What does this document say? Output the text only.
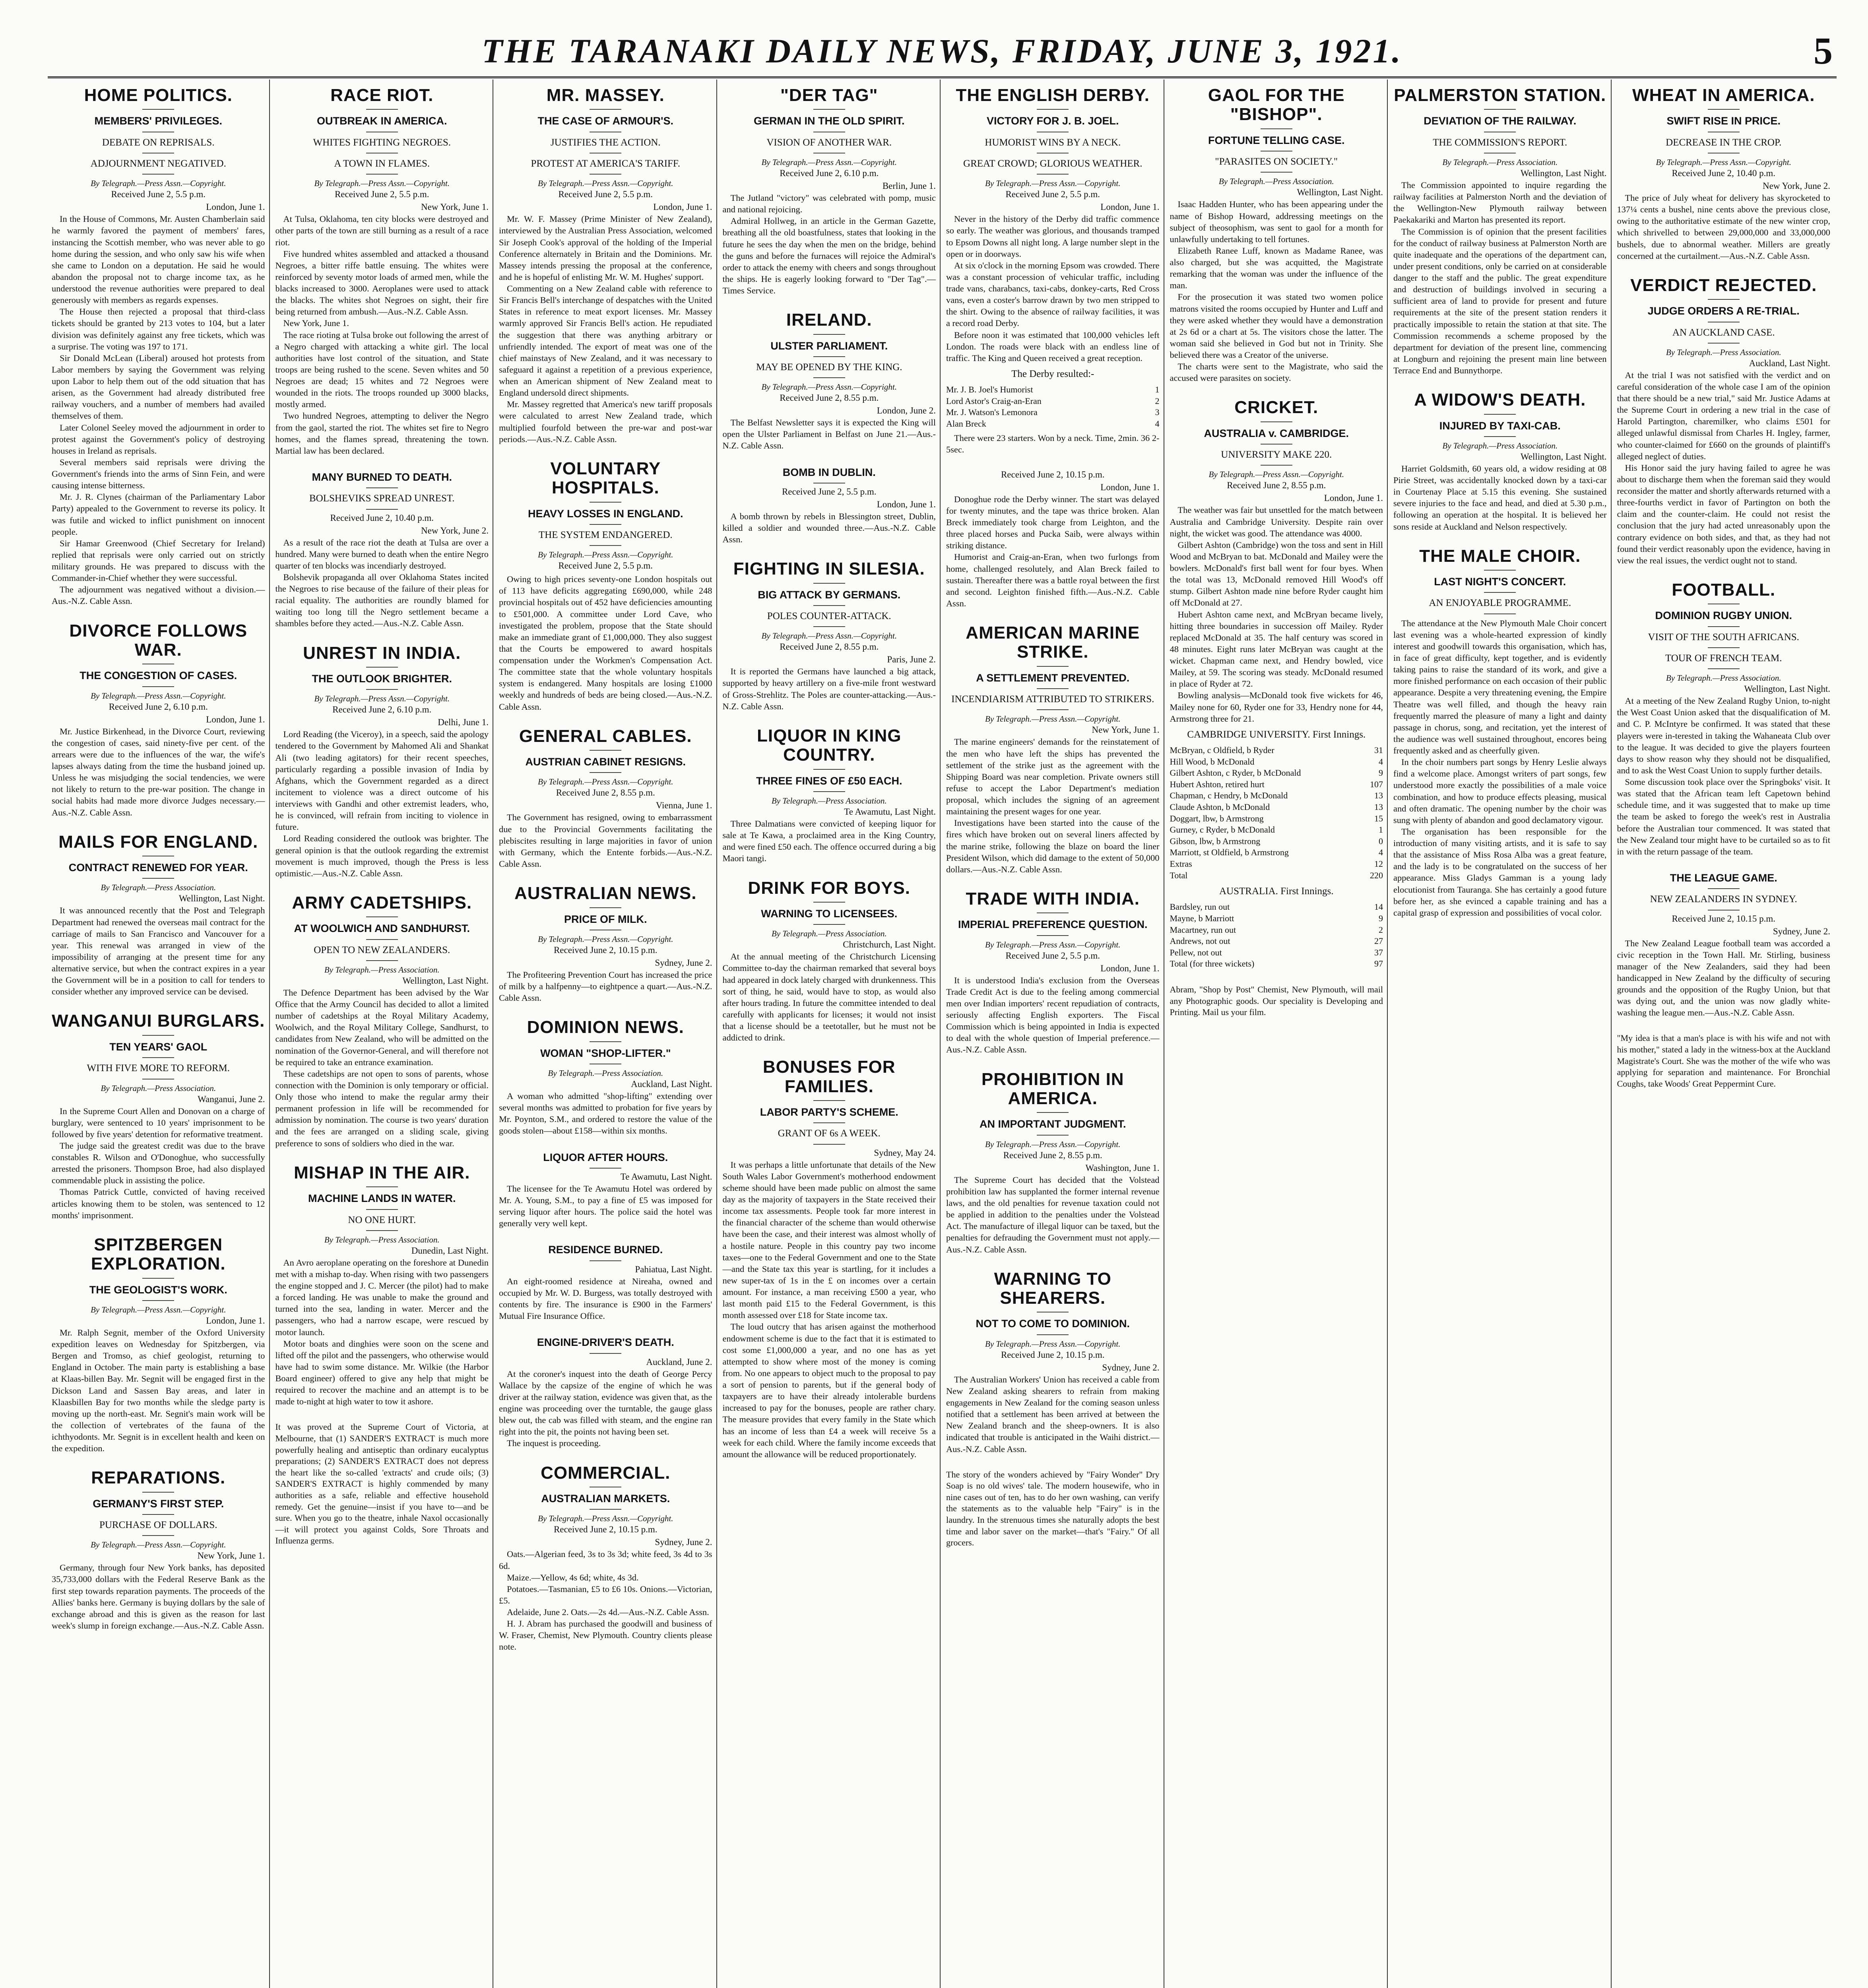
THE TARANAKI DAILY NEWS, FRIDAY, JUNE 3, 1921.	5
HOME POLITICS.
MEMBERS' PRIVILEGES.
DEBATE ON REPRISALS.
ADJOURNMENT NEGATIVED.
By Telegraph.—Press Assn.—Copyright.
Received June 2, 5.5 p.m.
London, June 1.

In the House of Commons, Mr. Austen Chamberlain said he warmly favored the payment of members' fares, instancing the Scottish member, who was never able to go home during the session, and who only saw his wife when she came to London on a deputation. He said he would abandon the proposal not to charge income tax, as he understood the revenue authorities were prepared to deal generously with members as regards expenses.

The House then rejected a proposal that third-class tickets should be granted by 213 votes to 104, but a later division was definitely against any free tickets, which was a surprise. The voting was 197 to 171.

Sir Donald McLean (Liberal) aroused hot protests from Labor members by saying the Government was relying upon Labor to help them out of the odd situation that has arisen, as the Government had already distributed free railway vouchers, and a number of members had availed themselves of them.

Later Colonel Seeley moved the adjournment in order to protest against the Government's policy of destroying houses in Ireland as reprisals.

Several members said reprisals were driving the Government's friends into the arms of Sinn Fein, and were causing intense bitterness.

Mr. J. R. Clynes (chairman of the Parliamentary Labor Party) appealed to the Government to reverse its policy. It was futile and wicked to inflict punishment on innocent people.

Sir Hamar Greenwood (Chief Secretary for Ireland) replied that reprisals were only carried out on strictly military grounds. He was prepared to discuss with the Commander-in-Chief whether they were successful.

The adjournment was negatived without a division.—Aus.-N.Z. Cable Assn.

DIVORCE FOLLOWS WAR.
THE CONGESTION OF CASES.
By Telegraph.—Press Assn.—Copyright.
Received June 2, 6.10 p.m.
London, June 1.

Mr. Justice Birkenhead, in the Divorce Court, reviewing the congestion of cases, said ninety-five per cent. of the arrears were due to the influences of the war, the wife's lapses always dating from the time the husband joined up. Unless he was misjudging the social tendencies, we were not likely to return to the pre-war position. The change in social habits had made more divorce Judges necessary.—Aus.-N.Z. Cable Assn.

MAILS FOR ENGLAND.
CONTRACT RENEWED FOR YEAR.
By Telegraph.—Press Association.
Wellington, Last Night.

It was announced recently that the Post and Telegraph Department had renewed the overseas mail contract for the carriage of mails to San Francisco and Vancouver for a year. This renewal was arranged in view of the impossibility of arranging at the present time for any alternative service, but when the contract expires in a year the Government will be in a position to call for tenders to consider whether any improved service can be devised.

WANGANUI BURGLARS.
TEN YEARS' GAOL
WITH FIVE MORE TO REFORM.
By Telegraph.—Press Association.
Wanganui, June 2.

In the Supreme Court Allen and Donovan on a charge of burglary, were sentenced to 10 years' imprisonment to be followed by five years' detention for reformative treatment.

The judge said the greatest credit was due to the brave constables R. Wilson and O'Donoghue, who successfully arrested the prisoners. Thompson Broe, had also displayed commendable pluck in assisting the police.

Thomas Patrick Cuttle, convicted of having received articles knowing them to be stolen, was sentenced to 12 months' imprisonment.

SPITZBERGEN EXPLORATION.
THE GEOLOGIST'S WORK.
By Telegraph.—Press Assn.—Copyright.
London, June 1.

Mr. Ralph Segnit, member of the Oxford University expedition leaves on Wednesday for Spitzbergen, via Bergen and Tromso, as chief geologist, returning to England in October. The main party is establishing a base at Klaas-billen Bay. Mr. Segnit will be engaged first in the Dickson Land and Sassen Bay areas, and later in Klaasbillen Bay for two months while the sledge party is moving up the north-east. Mr. Segnit's main work will be the collection of vertebrates of the fauna of the ichthyodonts. Mr. Segnit is in excellent health and keen on the expedition.

REPARATIONS.
GERMANY'S FIRST STEP.
PURCHASE OF DOLLARS.
By Telegraph.—Press Assn.—Copyright.
New York, June 1.

Germany, through four New York banks, has deposited 35,733,000 dollars with the Federal Reserve Bank as the first step towards reparation payments. The proceeds of the Allies' banks here. Germany is buying dollars by the sale of exchange abroad and this is given as the reason for last week's slump in foreign exchange.—Aus.-N.Z. Cable Assn.

RACE RIOT.
OUTBREAK IN AMERICA.
WHITES FIGHTING NEGROES.
A TOWN IN FLAMES.
By Telegraph.—Press Assn.—Copyright.
Received June 2, 5.5 p.m.
New York, June 1.

At Tulsa, Oklahoma, ten city blocks were destroyed and other parts of the town are still burning as a result of a race riot.

Five hundred whites assembled and attacked a thousand Negroes, a bitter riffe battle ensuing. The whites were reinforced by seventy motor loads of armed men, while the blacks increased to 3000. Aeroplanes were used to attack the blacks. The whites shot Negroes on sight, their fire being returned from ambush.—Aus.-N.Z. Cable Assn.

New York, June 1.

The race rioting at Tulsa broke out following the arrest of a Negro charged with attacking a white girl. The local authorities have lost control of the situation, and State troops are being rushed to the scene. Seven whites and 50 Negroes are dead; 15 whites and 72 Negroes were wounded in the riots. The troops rounded up 3000 blacks, mostly armed.

Two hundred Negroes, attempting to deliver the Negro from the gaol, started the riot. The whites set fire to Negro homes, and the flames spread, threatening the town. Martial law has been declared.

MANY BURNED TO DEATH.
BOLSHEVIKS SPREAD UNREST.
Received June 2, 10.40 p.m.
New York, June 2.

As a result of the race riot the death at Tulsa are over a hundred. Many were burned to death when the entire Negro quarter of ten blocks was incendiarly destroyed.

Bolshevik propaganda all over Oklahoma States incited the Negroes to rise because of the failure of their pleas for racial equality. The authorities are roundly blamed for waiting too long till the Negro settlement became a shambles before they acted.—Aus.-N.Z. Cable Assn.

UNREST IN INDIA.
THE OUTLOOK BRIGHTER.
By Telegraph.—Press Assn.—Copyright.
Received June 2, 6.10 p.m.
Delhi, June 1.

Lord Reading (the Viceroy), in a speech, said the apology tendered to the Government by Mahomed Ali and Shankat Ali (two leading agitators) for their recent speeches, particularly regarding a possible invasion of India by Afghans, which the Government regarded as a direct incitement to violence was a direct outcome of his interviews with Gandhi and other extremist leaders, who, he is convinced, will refrain from inciting to violence in future.

Lord Reading considered the outlook was brighter. The general opinion is that the outlook regarding the extremist movement is much improved, though the Press is less optimistic.—Aus.-N.Z. Cable Assn.

ARMY CADETSHIPS.
AT WOOLWICH AND SANDHURST.
OPEN TO NEW ZEALANDERS.
By Telegraph.—Press Association.
Wellington, Last Night.

The Defence Department has been advised by the War Office that the Army Council has decided to allot a limited number of cadetships at the Royal Military Academy, Woolwich, and the Royal Military College, Sandhurst, to candidates from New Zealand, who will be admitted on the nomination of the Governor-General, and will therefore not be required to take an entrance examination.

These cadetships are not open to sons of parents, whose connection with the Dominion is only temporary or official. Only those who intend to make the regular army their permanent profession in life will be recommended for admission by nomination. The course is two years' duration and the fees are arranged on a sliding scale, giving preference to sons of soldiers who died in the war.

MISHAP IN THE AIR.
MACHINE LANDS IN WATER.
NO ONE HURT.
By Telegraph.—Press Association.
Dunedin, Last Night.

An Avro aeroplane operating on the foreshore at Dunedin met with a mishap to-day. When rising with two passengers the engine stopped and J. C. Mercer (the pilot) had to make a forced landing. He was unable to make the ground and turned into the sea, landing in water. Mercer and the passengers, who had a narrow escape, were rescued by motor launch.

Motor boats and dinghies were soon on the scene and lifted off the pilot and the passengers, who otherwise would have had to swim some distance. Mr. Wilkie (the Harbor Board engineer) offered to give any help that might be required to recover the machine and an attempt is to be made to-night at high water to tow it ashore.

It was proved at the Supreme Court of Victoria, at Melbourne, that (1) SANDER'S EXTRACT is much more powerfully healing and antiseptic than ordinary eucalyptus preparations; (2) SANDER'S EXTRACT does not depress the heart like the so-called 'extracts' and crude oils; (3) SANDER'S EXTRACT is highly commended by many authorities as a safe, reliable and effective household remedy. Get the genuine—insist if you have to—and be sure. When you go to the theatre, inhale Naxol occasionally—it will protect you against Colds, Sore Throats and Influenza germs.
MR. MASSEY.
THE CASE OF ARMOUR'S.
JUSTIFIES THE ACTION.
PROTEST AT AMERICA'S TARIFF.
By Telegraph.—Press Assn.—Copyright.
Received June 2, 5.5 p.m.
London, June 1.

Mr. W. F. Massey (Prime Minister of New Zealand), interviewed by the Australian Press Association, welcomed Sir Joseph Cook's approval of the holding of the Imperial Conference alternately in Britain and the Dominions. Mr. Massey intends pressing the proposal at the conference, and he is hopeful of enlisting Mr. W. M. Hughes' support.

Commenting on a New Zealand cable with reference to Sir Francis Bell's interchange of despatches with the United States in reference to meat export licenses. Mr. Massey warmly approved Sir Francis Bell's action. He repudiated the suggestion that there was anything arbitrary or unfriendly intended. The export of meat was one of the chief mainstays of New Zealand, and it was necessary to safeguard it against a repetition of a previous experience, when an American shipment of New Zealand meat to England undersold direct shipments.

Mr. Massey regretted that America's new tariff proposals were calculated to arrest New Zealand trade, which multiplied fourfold between the pre-war and post-war periods.—Aus.-N.Z. Cable Assn.

VOLUNTARY HOSPITALS.
HEAVY LOSSES IN ENGLAND.
THE SYSTEM ENDANGERED.
By Telegraph.—Press Assn.—Copyright.
Received June 2, 5.5 p.m.

Owing to high prices seventy-one London hospitals out of 113 have deficits aggregating £690,000, while 248 provincial hospitals out of 452 have deficiencies amounting to £501,000. A committee under Lord Cave, who investigated the problem, propose that the State should make an immediate grant of £1,000,000. They also suggest that the Courts be empowered to award hospitals compensation under the Workmen's Compensation Act. The committee state that the whole voluntary hospitals system is endangered. Many hospitals are losing £1000 weekly and hundreds of beds are being closed.—Aus.-N.Z. Cable Assn.

GENERAL CABLES.
AUSTRIAN CABINET RESIGNS.
By Telegraph.—Press Assn.—Copyright.
Received June 2, 8.55 p.m.
Vienna, June 1.

The Government has resigned, owing to embarrassment due to the Provincial Governments facilitating the plebiscites resulting in large majorities in favor of union with Germany, which the Entente forbids.—Aus.-N.Z. Cable Assn.

AUSTRALIAN NEWS.
PRICE OF MILK.
By Telegraph.—Press Assn.—Copyright.
Received June 2, 10.15 p.m.
Sydney, June 2.

The Profiteering Prevention Court has increased the price of milk by a halfpenny—to eightpence a quart.—Aus.-N.Z. Cable Assn.

DOMINION NEWS.
WOMAN "SHOP-LIFTER."
By Telegraph.—Press Association.
Auckland, Last Night.

A woman who admitted "shop-lifting" extending over several months was admitted to probation for five years by Mr. Poynton, S.M., and ordered to restore the value of the goods stolen—about £158—within six months.

LIQUOR AFTER HOURS.
Te Awamutu, Last Night.

The licensee for the Te Awamutu Hotel was ordered by Mr. A. Young, S.M., to pay a fine of £5 was imposed for serving liquor after hours. The police said the hotel was generally very well kept.

RESIDENCE BURNED.
Pahiatua, Last Night.

An eight-roomed residence at Nireaha, owned and occupied by Mr. W. D. Burgess, was totally destroyed with contents by fire. The insurance is £900 in the Farmers' Mutual Fire Insurance Office.

ENGINE-DRIVER'S DEATH.
Auckland, June 2.

At the coroner's inquest into the death of George Percy Wallace by the capsize of the engine of which he was driver at the railway station, evidence was given that, as the engine was proceeding over the turntable, the gauge glass blew out, the cab was filled with steam, and the engine ran right into the pit, the points not having been set.

The inquest is proceeding.

COMMERCIAL.
AUSTRALIAN MARKETS.
By Telegraph.—Press Assn.—Copyright.
Received June 2, 10.15 p.m.
Sydney, June 2.

Oats.—Algerian feed, 3s to 3s 3d; white feed, 3s 4d to 3s 6d.

Maize.—Yellow, 4s 6d; white, 4s 3d.

Potatoes.—Tasmanian, £5 to £6 10s. Onions.—Victorian, £5.

Adelaide, June 2. Oats.—2s 4d.—Aus.-N.Z. Cable Assn.

H. J. Abram has purchased the goodwill and business of W. Fraser, Chemist, New Plymouth. Country clients please note.

"DER TAG"
GERMAN IN THE OLD SPIRIT.
VISION OF ANOTHER WAR.
By Telegraph.—Press Assn.—Copyright.
Received June 2, 6.10 p.m.
Berlin, June 1.

The Jutland "victory" was celebrated with pomp, music and national rejoicing.

Admiral Hollweg, in an article in the German Gazette, breathing all the old boastfulness, states that looking in the future he sees the day when the men on the bridge, behind the guns and before the furnaces will rejoice the Admiral's order to attack the enemy with cheers and songs throughout the ships. He is eagerly looking forward to "Der Tag".—Times Service.

IRELAND.
ULSTER PARLIAMENT.
MAY BE OPENED BY THE KING.
By Telegraph.—Press Assn.—Copyright.
Received June 2, 8.55 p.m.
London, June 2.

The Belfast Newsletter says it is expected the King will open the Ulster Parliament in Belfast on June 21.—Aus.-N.Z. Cable Assn.

BOMB IN DUBLIN.
Received June 2, 5.5 p.m.
London, June 1.

A bomb thrown by rebels in Blessington street, Dublin, killed a soldier and wounded three.—Aus.-N.Z. Cable Assn.

FIGHTING IN SILESIA.
BIG ATTACK BY GERMANS.
POLES COUNTER-ATTACK.
By Telegraph.—Press Assn.—Copyright.
Received June 2, 8.55 p.m.
Paris, June 2.

It is reported the Germans have launched a big attack, supported by heavy artillery on a five-mile front westward of Gross-Strehlitz. The Poles are counter-attacking.—Aus.-N.Z. Cable Assn.

LIQUOR IN KING COUNTRY.
THREE FINES OF £50 EACH.
By Telegraph.—Press Association.
Te Awamutu, Last Night.

Three Dalmatians were convicted of keeping liquor for sale at Te Kawa, a proclaimed area in the King Country, and were fined £50 each. The offence occurred during a big Maori tangi.

DRINK FOR BOYS.
WARNING TO LICENSEES.
By Telegraph.—Press Association.
Christchurch, Last Night.

At the annual meeting of the Christchurch Licensing Committee to-day the chairman remarked that several boys had appeared in dock lately charged with drunkenness. This sort of thing, he said, would have to stop, as would also after hours trading. In future the committee intended to deal carefully with applicants for licenses; it would not insist that a license should be a teetotaller, but he must not be addicted to drink.

BONUSES FOR FAMILIES.
LABOR PARTY'S SCHEME.
GRANT OF 6s A WEEK.
Sydney, May 24.

It was perhaps a little unfortunate that details of the New South Wales Labor Government's motherhood endowment scheme should have been made public on almost the same day as the majority of taxpayers in the State received their income tax assessments. People took far more interest in the financial character of the scheme than would otherwise have been the case, and their interest was almost wholly of a hostile nature. People in this country pay two income taxes—one to the Federal Government and one to the State—and the State tax this year is startling, for it includes a new super-tax of 1s in the £ on incomes over a certain amount. For instance, a man receiving £500 a year, who last month paid £15 to the Federal Government, is this month assessed over £18 for State income tax.

The loud outcry that has arisen against the motherhood endowment scheme is due to the fact that it is estimated to cost some £1,000,000 a year, and no one has as yet attempted to show where most of the money is coming from. No one appears to object much to the proposal to pay a sort of pension to parents, but if the general body of taxpayers are to have their already intolerable burdens increased to pay for the bonuses, people are rather chary. The measure provides that every family in the State which has an income of less than £4 a week will receive 5s a week for each child. Where the family income exceeds that amount the allowance will be reduced proportionately.

THE ENGLISH DERBY.
VICTORY FOR J. B. JOEL.
HUMORIST WINS BY A NECK.
GREAT CROWD; GLORIOUS WEATHER.
By Telegraph.—Press Assn.—Copyright.
Received June 2, 5.5 p.m.
London, June 1.

Never in the history of the Derby did traffic commence so early. The weather was glorious, and thousands tramped to Epsom Downs all night long. A large number slept in the open or in doorways.

At six o'clock in the morning Epsom was crowded. There was a constant procession of vehicular traffic, including trade vans, charabancs, taxi-cabs, donkey-carts, Red Cross vans, even a coster's barrow drawn by two men stripped to the shirt. Owing to the absence of railway facilities, it was a record road Derby.

Before noon it was estimated that 100,000 vehicles left London. The roads were black with an endless line of traffic. The King and Queen received a great reception.

The Derby resulted:-
Mr. J. B. Joel's Humorist	1
Lord Astor's Craig-an-Eran	2
Mr. J. Watson's Lemonora	3
Alan Breck	4

There were 23 starters. Won by a neck. Time, 2min. 36 2-5sec.

Received June 2, 10.15 p.m.
London, June 1.

Donoghue rode the Derby winner. The start was delayed for twenty minutes, and the tape was thrice broken. Alan Breck immediately took charge from Leighton, and the three placed horses and Pucka Saib, were always within striking distance.

Humorist and Craig-an-Eran, when two furlongs from home, challenged resolutely, and Alan Breck failed to sustain. Thereafter there was a battle royal between the first and second. Leighton finished fifth.—Aus.-N.Z. Cable Assn.

AMERICAN MARINE STRIKE.
A SETTLEMENT PREVENTED.
INCENDIARISM ATTRIBUTED TO STRIKERS.
By Telegraph.—Press Assn.—Copyright.
New York, June 1.

The marine engineers' demands for the reinstatement of the men who have left the ships has prevented the settlement of the strike just as the agreement with the Shipping Board was near completion. Private owners still refuse to accept the Labor Department's mediation proposal, which includes the signing of an agreement maintaining the present wages for one year.

Investigations have been started into the cause of the fires which have broken out on several liners affected by the marine strike, following the blaze on board the liner President Wilson, which did damage to the extent of 50,000 dollars.—Aus.-N.Z. Cable Assn.

TRADE WITH INDIA.
IMPERIAL PREFERENCE QUESTION.
By Telegraph.—Press Assn.—Copyright.
Received June 2, 5.5 p.m.
London, June 1.

It is understood India's exclusion from the Overseas Trade Credit Act is due to the feeling among commercial men over Indian importers' recent repudiation of contracts, seriously affecting English exporters. The Fiscal Commission which is being appointed in India is expected to deal with the whole question of Imperial preference.—Aus.-N.Z. Cable Assn.

PROHIBITION IN AMERICA.
AN IMPORTANT JUDGMENT.
By Telegraph.—Press Assn.—Copyright.
Received June 2, 8.55 p.m.
Washington, June 1.

The Supreme Court has decided that the Volstead prohibition law has supplanted the former internal revenue laws, and the old penalties for revenue taxation could not be applied in addition to the penalties under the Volstead Act. The manufacture of illegal liquor can be taxed, but the penalties for defrauding the Government must not apply.—Aus.-N.Z. Cable Assn.

WARNING TO SHEARERS.
NOT TO COME TO DOMINION.
By Telegraph.—Press Assn.—Copyright.
Received June 2, 10.15 p.m.
Sydney, June 2.

The Australian Workers' Union has received a cable from New Zealand asking shearers to refrain from making engagements in New Zealand for the coming season unless notified that a settlement has been arrived at between the New Zealand branch and the sheep-owners. It is also indicated that trouble is anticipated in the Waihi district.—Aus.-N.Z. Cable Assn.

The story of the wonders achieved by "Fairy Wonder" Dry Soap is no old wives' tale. The modern housewife, who in nine cases out of ten, has to do her own washing, can verify the statements as to the valuable help "Fairy" is in the laundry. In the strenuous times she naturally adopts the best time and labor saver on the market—that's "Fairy." Of all grocers.
GAOL FOR THE "BISHOP".
FORTUNE TELLING CASE.
"PARASITES ON SOCIETY."
By Telegraph.—Press Association.
Wellington, Last Night.

Isaac Hadden Hunter, who has been appearing under the name of Bishop Howard, addressing meetings on the subject of theosophism, was sent to gaol for a month for unlawfully undertaking to tell fortunes.

Elizabeth Ranee Luff, known as Madame Ranee, was also charged, but she was acquitted, the Magistrate remarking that the woman was under the influence of the man.

For the prosecution it was stated two women police matrons visited the rooms occupied by Hunter and Luff and they were asked whether they would have a demonstration at 2s 6d or a chart at 5s. The visitors chose the latter. The woman said she believed in God but not in Trinity. She believed there was a Creator of the universe.

The charts were sent to the Magistrate, who said the accused were parasites on society.

CRICKET.
AUSTRALIA v. CAMBRIDGE.
UNIVERSITY MAKE 220.
By Telegraph.—Press Assn.—Copyright.
Received June 2, 8.55 p.m.
London, June 1.

The weather was fair but unsettled for the match between Australia and Cambridge University. Despite rain over night, the wicket was good. The attendance was 4000.

Gilbert Ashton (Cambridge) won the toss and sent in Hill Wood and McBryan to bat. McDonald and Mailey were the bowlers. McDonald's first ball went for four byes. When the total was 13, McDonald removed Hill Wood's off stump. Gilbert Ashton made nine before Ryder caught him off McDonald at 27.

Hubert Ashton came next, and McBryan became lively, hitting three boundaries in succession off Mailey. Ryder replaced McDonald at 35. The half century was scored in 48 minutes. Eight runs later McBryan was caught at the wicket. Chapman came next, and Hendry bowled, vice Mailey, at 59. The scoring was steady. McDonald resumed in place of Ryder at 72.

Bowling analysis—McDonald took five wickets for 46, Mailey none for 60, Ryder one for 33, Hendry none for 44, Armstrong three for 21.

CAMBRIDGE UNIVERSITY. First Innings.
McBryan, c Oldfield, b Ryder	31
Hill Wood, b McDonald	4
Gilbert Ashton, c Ryder, b McDonald	9
Hubert Ashton, retired hurt	107
Chapman, c Hendry, b McDonald	13
Claude Ashton, b McDonald	13
Doggart, lbw, b Armstrong	15
Gurney, c Ryder, b McDonald	1
Gibson, lbw, b Armstrong	0
Marriott, st Oldfield, b Armstrong	4
Extras	12
Total	220
AUSTRALIA. First Innings.
Bardsley, run out	14
Mayne, b Marriott	9
Macartney, run out	2
Andrews, not out	27
Pellew, not out	37
Total (for three wickets)	97
Abram, "Shop by Post" Chemist, New Plymouth, will mail any Photographic goods. Our speciality is Developing and Printing. Mail us your film.
PALMERSTON STATION.
DEVIATION OF THE RAILWAY.
THE COMMISSION'S REPORT.
By Telegraph.—Press Association.
Wellington, Last Night.

The Commission appointed to inquire regarding the railway facilities at Palmerston North and the deviation of the Wellington-New Plymouth railway between Paekakariki and Marton has presented its report.

The Commission is of opinion that the present facilities for the conduct of railway business at Palmerston North are quite inadequate and the operations of the department can, under present conditions, only be carried on at considerable danger to the staff and the public. The great expenditure and destruction of buildings involved in securing a sufficient area of land to provide for present and future requirements at the site of the present station renders it practically impossible to retain the station at that site. The Commission recommends a scheme proposed by the department for deviation of the present line, commencing at Longburn and rejoining the present main line between Terrace End and Bunnythorpe.

A WIDOW'S DEATH.
INJURED BY TAXI-CAB.
By Telegraph.—Press Association.
Wellington, Last Night.

Harriet Goldsmith, 60 years old, a widow residing at 08 Pirie Street, was accidentally knocked down by a taxi-car in Courtenay Place at 5.15 this evening. She sustained severe injuries to the face and head, and died at 5.30 p.m., following an operation at the hospital. It is believed her sons reside at Auckland and Nelson respectively.

THE MALE CHOIR.
LAST NIGHT'S CONCERT.
AN ENJOYABLE PROGRAMME.

The attendance at the New Plymouth Male Choir concert last evening was a whole-hearted expression of kindly interest and goodwill towards this organisation, which has, in face of great difficulty, kept together, and is evidently taking pains to raise the standard of its work, and give a more finished performance on each occasion of their public appearance. Despite a very threatening evening, the Empire Theatre was well filled, and though the heavy rain frequently marred the pleasure of many a light and dainty passage in chorus, song, and recitation, yet the interest of the audience was well sustained throughout, encores being frequently asked and as cheerfully given.

In the choir numbers part songs by Henry Leslie always find a welcome place. Amongst writers of part songs, few understood more exactly the possibilities of a male voice combination, and how to produce effects pleasing, musical and often dramatic. The opening number by the choir was sung with plenty of abandon and good declamatory vigour.

The organisation has been responsible for the introduction of many visiting artists, and it is safe to say that the assistance of Miss Rosa Alba was a great feature, and the lady is to be congratulated on the success of her appearance. Miss Gladys Gamman is a young lady elocutionist from Tauranga. She has certainly a good future before her, as she evinced a capable training and has a capital grasp of expression and possibilities of vocal color.

WHEAT IN AMERICA.
SWIFT RISE IN PRICE.
DECREASE IN THE CROP.
By Telegraph.—Press Assn.—Copyright.
Received June 2, 10.40 p.m.
New York, June 2.

The price of July wheat for delivery has skyrocketed to 137¼ cents a bushel, nine cents above the previous close, owing to the authoritative estimate of the new winter crop, which shrivelled to between 29,000,000 and 33,000,000 bushels, due to abnormal weather. Millers are greatly concerned at the curtailment.—Aus.-N.Z. Cable Assn.

VERDICT REJECTED.
JUDGE ORDERS A RE-TRIAL.
AN AUCKLAND CASE.
By Telegraph.—Press Association.
Auckland, Last Night.

At the trial I was not satisfied with the verdict and on careful consideration of the whole case I am of the opinion that there should be a new trial," said Mr. Justice Adams at the Supreme Court in ordering a new trial in the case of Harold Partington, charemilker, who claims £501 for alleged unlawful dismissal from Charles H. Ingley, farmer, who counter-claimed for £660 on the grounds of plaintiff's alleged neglect of duties.

His Honor said the jury having failed to agree he was about to discharge them when the foreman said they would reconsider the matter and shortly afterwards returned with a three-fourths verdict in favor of Partington on both the claim and the counter-claim. He could not resist the conclusion that the jury had acted unreasonably upon the contrary evidence on both sides, and that, as they had not found their verdict reasonably upon the evidence, having in view the real issues, the verdict ought not to stand.

FOOTBALL.
DOMINION RUGBY UNION.
VISIT OF THE SOUTH AFRICANS.
TOUR OF FRENCH TEAM.
By Telegraph.—Press Association.
Wellington, Last Night.

At a meeting of the New Zealand Rugby Union, to-night the West Coast Union asked that the disqualification of M. and C. P. McIntyre be confirmed. It was stated that these players were in-terested in taking the Wahaneata Club over to the league. It was decided to give the players fourteen days to show reason why they should not be disqualified, and to ask the West Coast Union to supply further details.

Some discussion took place over the Springboks' visit. It was stated that the African team left Capetown behind schedule time, and it was suggested that to make up time the team be asked to forego the week's rest in Australia before the Australian tour commenced. It was stated that the New Zealand tour might have to be curtailed so as to fit in with the return passage of the team.

THE LEAGUE GAME.
NEW ZEALANDERS IN SYDNEY.
Received June 2, 10.15 p.m.
Sydney, June 2.

The New Zealand League football team was accorded a civic reception in the Town Hall. Mr. Stirling, business manager of the New Zealanders, said they had been handicapped in New Zealand by the difficulty of securing grounds and the opposition of the Rugby Union, but that was dying out, and the union was now gladly white-washing the league men.—Aus.-N.Z. Cable Assn.

"My idea is that a man's place is with his wife and not with his mother," stated a lady in the witness-box at the Auckland Magistrate's Court. She was the mother of the wife who was applying for separation and maintenance. For Bronchial Coughs, take Woods' Great Peppermint Cure.
